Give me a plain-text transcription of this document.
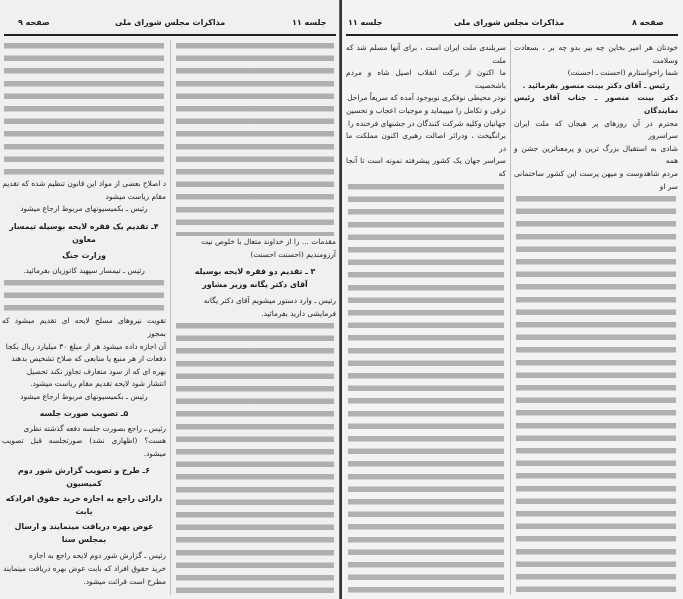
صفحه ۹	مذاکرات مجلس شورای ملی	جلسه ۱۱
د اصلاح بعضی از مواد این قانون تنظیم شده که تقدیم
مقام ریاست میشود
رئیس ـ بکمیسیونهای مربوط ارجاع میشود
۴ـ تقدیم یک فقره لایحه بوسیله تیمسار معاون
وزارت جنگ
رئیس ـ تیمسار سپهبد کاتوزیان بفرمائید.
تقویت نیروهای مسلح لایحه ای تقدیم میشود که بمجوز
آن اجازه داده میشود هر از مبلغ ۳۰ میلیارد ریال بکجا
دفعات از هر منبع یا منابعی که صلاح تشخیص بدهند
بهره ای که از سود متعارف تجاوز نکند تحصیل
انتشار شود لایحه تقدیم مقام ریاست میشود.
رئیس ـ بکمیسیونهای مربوط ارجاع میشود
۵ـ تصویب صورت جلسه
رئیس ـ راجع بصورت جلسه دفعه گذشته نظری
هست؟ (اظهاری نشد) صورتجلسه قبل تصویب میشود.
۶ـ طرح و تصویب گزارش شور دوم کمیسیون
دارائی راجع به اجازه خرید حقوق افرادکه بابت
عوض بهره دریافت مینمایند و ارسال بمجلس سنا
رئیس ـ گزارش شور دوم لایحه راجع به اجازه
خرید حقوق افراد که بابت عوض بهره دریافت مینمایند
مطرح است قرائت میشود.
مقدمات ... را از خداوند متعال با خلوص نیت
آرزومندیم (احسنت احسنت)
۳ ـ تقدیم دو فقره لایحه بوسیله
آقای دکتر یگانه وزیر مشاور
رئیس ـ وارد دستور میشویم آقای دکتر یگانه
فرمایشی دارید بفرمائید.
جلسه ۱۱	مذاکرات مجلس شورای ملی	صفحه ۸
سربلندی ملت ایران است ، برای آنها مسلم شد که ملت
ما اکنون از برکت انقلاب اصیل شاه و مردم باشخصیت
نودر محیطی نوفکری نوبوجود آمده که سریعاً مراحل
ترقی و تکامل را میپیماید و موجبات اعجاب و تحسین
جهانیان وکلیه شرکت کنندگان در جشنهای فرخنده را
برانگیخت ، ودراثر اصالت رهبری اکنون مملکت ما در
سراسر جهان یک کشور پیشرفته نمونه است تا آنجا که
خودتان هر امیر بخاین چه بیر بدو چه بر ، بسعادت وسلامت
شما راخواستارم (احسنت ـ احسنت)
رئیس ـ آقای دکتر بینت منصور بفرمائید .
دکتر بینت منصور ـ جناب آقای رئیس نمایندگان
محترم در آن روزهای پر هیجان که ملت ایران سراسرور
شادی به استقبال بزرگ ترین و پرمعناترین جشن و همه
مردم شاهدوست و میهن پرست این کشور ساختمانی سر او
